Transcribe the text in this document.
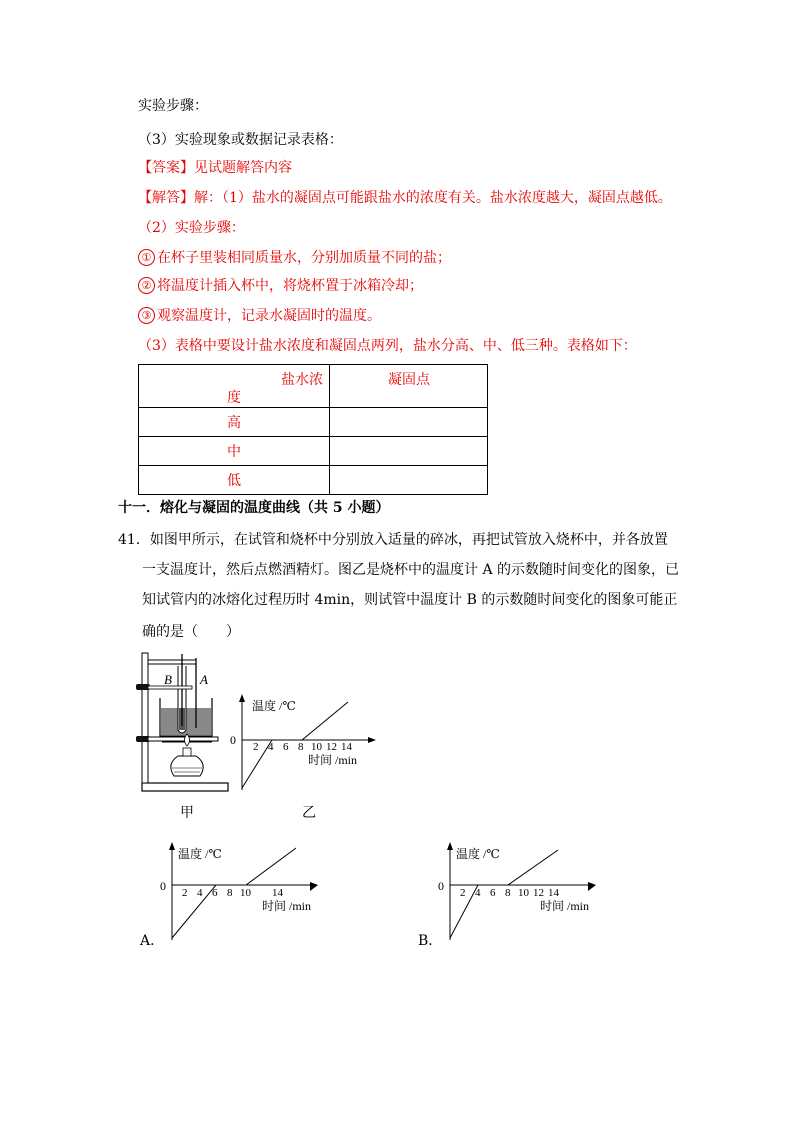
实验步骤：
（3）实验现象或数据记录表格：
【答案】见试题解答内容
【解答】解：（1）盐水的凝固点可能跟盐水的浓度有关。盐水浓度越大，凝固点越低。
（2）实验步骤：
① 在杯子里装相同质量水，分别加质量不同的盐；
② 将温度计插入杯中，将烧杯置于冰箱冷却；
③ 观察温度计，记录水凝固时的温度。
（3）表格中要设计盐水浓度和凝固点两列，盐水分高、中、低三种。表格如下：
盐水浓
度	凝固点

高	
中	
低	
十一．熔化与凝固的温度曲线（共 5 小题）
41．如图甲所示，在试管和烧杯中分别放入适量的碎冰，再把试管放入烧杯中，并各放置
一支温度计，然后点燃酒精灯。图乙是烧杯中的温度计 A 的示数随时间变化的图象，已
知试管内的冰熔化过程历时 4min，则试管中温度计 B 的示数随时间变化的图象可能正
确的是（　　）
B A
甲	乙
0
温度 /℃
时间 /min
2 4 6 8 10 12 14
0
温度 /℃
时间 /min
2 4 6 8 10 14
A．
0
温度 /℃
时间 /min
2 4 6 8 10 12 14
B．
